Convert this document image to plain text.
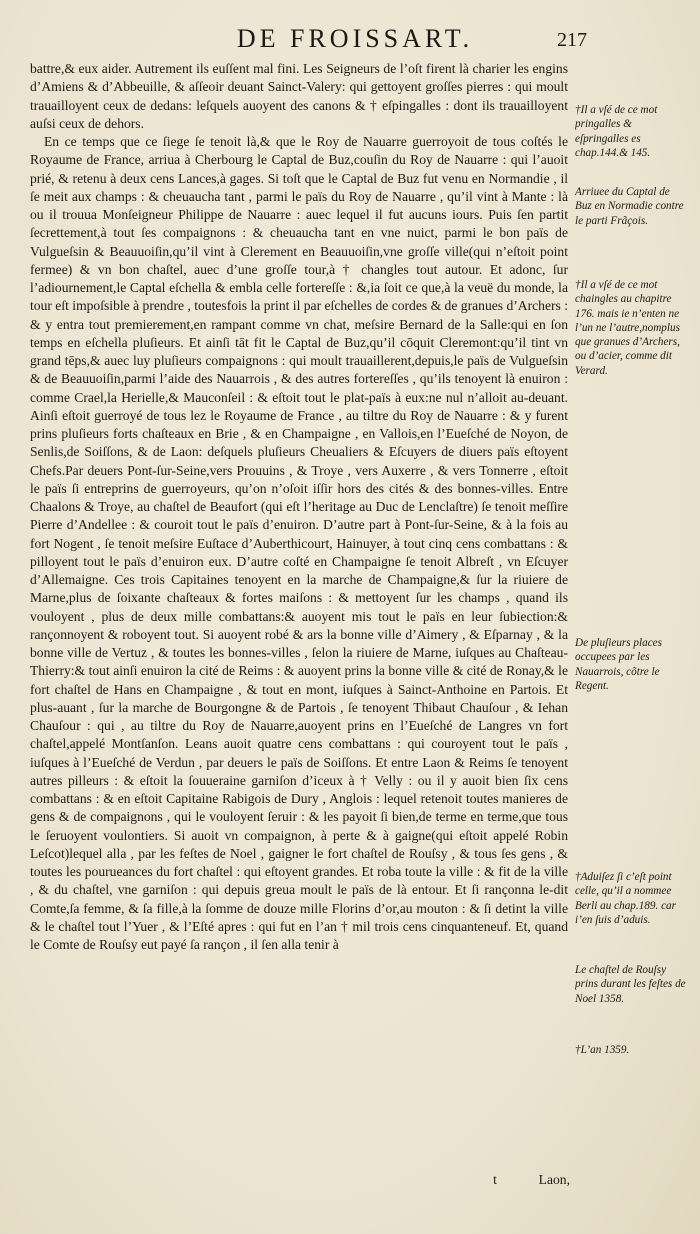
DE FROISSART.	217

battre,& eux aider. Autrement ils euſſent mal fini. Les Seigneurs de l’oſt firent là charier les engins d’Amiens & d’Abbeuille, & aſſeoir deuant Sainct-Valery: qui gettoyent groſſes pierres : qui moult trauailloyent ceux de dedans: leſquels auoyent des canons & † eſpingalles : dont ils trauailloyent auſsi ceux de dehors.

En ce temps que ce ſiege ſe tenoit là,& que le Roy de Nauarre guerroyoit de tous coſtés le Royaume de France, arriua à Cherbourg le Captal de Buz,couſin du Roy de Nauarre : qui l’auoit prié, & retenu à deux cens Lances,à gages. Si toſt que le Captal de Buz fut venu en Normandie , il ſe meit aux champs : & cheuaucha tant , parmi le païs du Roy de Nauarre , qu’il vint à Mante : là ou il trouua Monſeigneur Philippe de Nauarre : auec lequel il fut aucuns iours. Puis ſen partit ſecrettement,à tout ſes compaignons : & cheuaucha tant en vne nuict, parmi le bon païs de Vulgueſsin & Beauuoiſin,qu’il vint à Clerement en Beauuoiſin,vne groſſe ville(qui n’eſtoit point fermee) & vn bon chaſtel, auec d’une groſſe tour,à † changles tout autour. Et adonc, ſur l’adiournement,le Captal eſchella & embla celle fortereſſe : &,ia ſoit ce que,à la veuë du monde, la tour eſt impoſsible à prendre , toutesfois la print il par eſchelles de cordes & de granues d’Archers : & y entra tout premierement,en rampant comme vn chat, meſsire Bernard de la Salle:qui en ſon temps en eſchella pluſieurs. Et ainſi tāt fit le Captal de Buz,qu’il cōquit Cleremont:qu’il tint vn grand tēps,& auec luy pluſieurs compaignons : qui moult trauaillerent,depuis,le païs de Vulgueſsin & de Beauuoiſin,parmi l’aide des Nauarrois , & des autres fortereſſes , qu’ils tenoyent là enuiron : comme Crael,la Herielle,& Mauconſeil : & eſtoit tout le plat-païs à eux:ne nul n’alloit au-deuant. Ainſi eſtoit guerroyé de tous lez le Royaume de France , au tiltre du Roy de Nauarre : & y furent prins pluſieurs forts chaſteaux en Brie , & en Champaigne , en Vallois,en l’Eueſché de Noyon, de Senlis,de Soiſſons, & de Laon: deſquels pluſieurs Cheualiers & Eſcuyers de diuers païs eſtoyent Chefs.Par deuers Pont-ſur-Seine,vers Prouuins , & Troye , vers Auxerre , & vers Tonnerre , eſtoit le païs ſi entreprins de guerroyeurs, qu’on n’oſoit iſſir hors des cités & des bonnes-villes. Entre Chaalons & Troye, au chaſtel de Beaufort (qui eſt l’heritage au Duc de Lenclaſtre) ſe tenoit meſſire Pierre d’Andellee : & couroit tout le païs d’enuiron. D’autre part à Pont-ſur-Seine, & à la fois au fort Nogent , ſe tenoit meſsire Euſtace d’Auberthicourt, Hainuyer, à tout cinq cens combattans : & pilloyent tout le païs d’enuiron eux. D’autre coſté en Champaigne ſe tenoit Albreſt , vn Eſcuyer d’Allemaigne. Ces trois Capitaines tenoyent en la marche de Champaigne,& ſur la riuiere de Marne,plus de ſoixante chaſteaux & fortes maiſons : & mettoyent ſur les champs , quand ils vouloyent , plus de deux mille combattans:& auoyent mis tout le païs en leur ſubiection:& rançonnoyent & roboyent tout. Si auoyent robé & ars la bonne ville d’Aimery , & Eſparnay , & la bonne ville de Vertuz , & toutes les bonnes-villes , ſelon la riuiere de Marne, iuſques au Chaſteau-Thierry:& tout ainſi enuiron la cité de Reims : & auoyent prins la bonne ville & cité de Ronay,& le fort chaſtel de Hans en Champaigne , & tout en mont, iuſques à Sainct-Anthoine en Partois. Et plus-auant , ſur la marche de Bourgongne & de Partois , ſe tenoyent Thibaut Chauſour , & Iehan Chauſour : qui , au tiltre du Roy de Nauarre,auoyent prins en l’Eueſché de Langres vn fort chaſtel,appelé Montſanſon. Leans auoit quatre cens combattans : qui couroyent tout le païs , iuſques à l’Eueſché de Verdun , par deuers le païs de Soiſſons. Et entre Laon & Reims ſe tenoyent autres pilleurs : & eſtoit la ſouueraine garniſon d’iceux à † Velly : ou il y auoit bien ſix cens combattans : & en eſtoit Capitaine Rabigois de Dury , Anglois : lequel retenoit toutes manieres de gens & de compaignons , qui le vouloyent ſeruir : & les payoit ſi bien,de terme en terme,que tous le ſeruoyent voulontiers. Si auoit vn compaignon, à perte & à gaigne(qui eſtoit appelé Robin Leſcot)lequel alla , par les feſtes de Noel , gaigner le fort chaſtel de Rouſsy , & tous ſes gens , & toutes les pourueances du fort chaſtel : qui eſtoyent grandes. Et roba toute la ville : & fit de la ville , & du chaſtel, vne garniſon : qui depuis greua moult le païs de là entour. Et ſi rançonna le-dit Comte,ſa femme, & ſa fille,à la ſomme de douze mille Florins d’or,au mouton : & ſi detint la ville & le chaſtel tout l’Yuer , & l’Eſté apres : qui fut en l’an † mil trois cens cinquanteneuf. Et, quand le Comte de Rouſsy eut payé ſa rançon , il ſen alla tenir à

t	Laon,
†Il a vſé de ce mot pringalles & eſpringalles es chap.144.& 145.
Arriuee du Captal de Buz en Normadie contre le parti Frãçois.
†Il a vſé de ce mot chaingles au chapitre 176. mais ie n’enten ne l’un ne l’autre,nomplus que granues d’Archers, ou d’acier, comme dit Verard.
De pluſieurs places occupees par les Nauarrois, cõtre le Regent.
†Aduiſez ſi c’eſt point celle, qu’il a nommee Berli au chap.189. car i’en ſuis d’aduis.
Le chaſtel de Rouſsy prins durant les feſtes de Noel 1358.
†L’an 1359.
